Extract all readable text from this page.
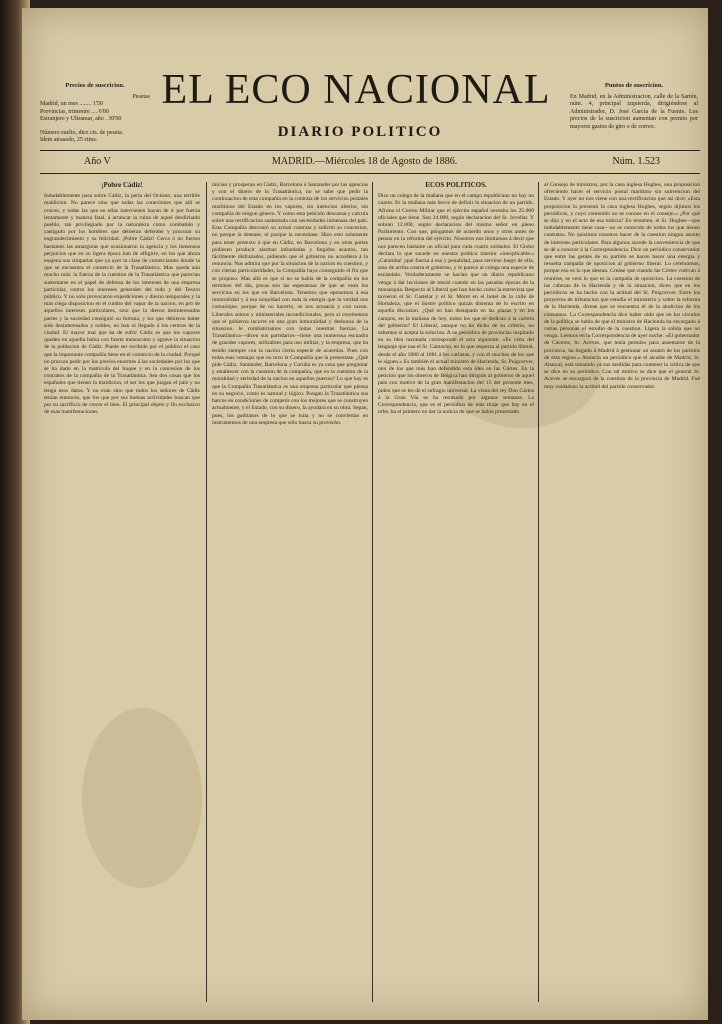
Precios de suscricion.
Pesetas
Madrid, un mes ........ 1'50
Provincias, trimestre .... 6'00
Estranjero y Ultramar, año . 30'00
Número suelto, diez cts. de peseta.
Idem atrasado, 25 ctms.
EL ECO NACIONAL
DIARIO POLITICO
Puntos de suscricion.
En Madrid, en la Administracion, calle de la Sartén, núm. 4, principal izquierda, dirigiéndose al Administrador, D. José García de la Fuente. Los precios de la suscricion aumentan con premio por mayores gastos de giro o de correo.
Año V	MADRID.—Miércoles 18 de Agosto de 1886.	Núm. 1.523
¡Pobre Cádiz!
Indudablemente pasa sobre Cádiz, la perla del Océano, una terrible maldicion. No parece sino que todas las conexiones que allí se crucen, y todas las que en ellas intervienen hayan de ir por fuerza lentamente y manera fatal, á arrancar la ruina de aquel desdichado pueblo, tan privilegiado por la naturaleza como combatido y castigado por los hombres que debieran defender y procurar su engrandecimiento y su felicidad. ¡Pobre Cádiz! Cerca ó no fueron bastantes las amarguras que ocasionaron la agencia y los inmensos perjuicios que en su ligera época han de afligirle, en los que ahora enajena sus simpatías que ya ayer la clase de comerciantes donde la que se encuentra el comercio de la Trasatlántica. Mas queda aún mucho más: la fuerza de la cuestion de la Trasatlántica que parecían sustentarse en el papel de defensa de los intereses de una empresa particular, contra los intereses generales del todo y del Tesoro público. Y no solo provocaron expediciones y dieron temporales y la más ciega disposicion en el rumbo del vapor de la nacion, en pró de aquellos intereses particulares, sino que la dieron desinteresadas partes y la sociedad consiguió su fortuna, y los que debieron haber sido desinteresados y nobles, no han ni llegado á los centros de la ciudad. El mayor mal que ha de sufrir Cádiz es que los vapores queden en aquella bahía con fuerte menoscabo y agrave la situacion de la poblacion de Cádiz. Puede ser recibido por el público el caso que la importante compañía tiene en el comercio de la ciudad. Porqué no procura pedir por los precios enormes á las sociedades por los que se ha dado en la matrícula del buque y en la concesion de los contratos de la compañía de la Trasatlántica. Sea dos cosas que los españoles que tienen la maldicion, el ser los que juzgan el país y no tenga esos datos. Y no eran sino que todos los señores de Cádiz tenían entonces, que los que por sus buenas actividades buscan que por su sacrificio de crecer el bien. El principal objeto y fin exclusivo de esas manifestaciones.
inician y prosperan en Cádiz, Barcelona ó Santander por las agencias y con el dinero de la Trasatlántica, no se sabe que pedir la continuacion de esta compañía en la contrata de los servicios postales marítimos del Estado en los vapores, sin intencion ulterior, sin compañía de ningun género. Y como esta petición descansa y calcula sobre una rectificacion sustentada con necesidades inmensas del país. Esta Compañía descontó su actual contrata y solicitó su concesion, no porque la desease, ni porque la necesitase. Hizo esto solamente para tener pretexto á que en Cádiz, en Barcelona y en otras partes pudiesen producir alarmas infundadas y fingidos asuntos, tan fácilmente disfrazados, pidiendo que el gobierno no accediera á la renuncia. Nos admira que por la situacion de la nacion en cuestion, y con ciertas particularidades, la Compañía haya conseguido el fin que se propuso. Mas allá es que si no se habla de la compañía en los términos del día, pocas son las esperanzas de que se vean los servicios en los que en Barcelona. Tenemos que oponernos á esa inmoralidad y á esa iniquidad con toda la energía que la verdad nos comunique, porque de no hacerlo, se nos acusaría y con razon. Liberales somos y ministeriales incondicionales, pero si creyésemos que el gobierno incurre en una gran inmoralidad y deshonra de la situacion, le combatiríamos con todas nuestras fuerzas. La Trasatlántica—dicen sus partidarios—tiene una numerosa escuadra de grandes vapores, utilizables para uso militar, y la empresa, que ha tenido siempre con la nacion cierta especie de acuerdos. Pues con todas esas ventajas que no tuvo la Compañía que la presentase. ¿Qué pide Cádiz, Santander, Barcelona y Coruña es ya cosa que preguntar y establecer con la cuestion de la compañía, que en la cuestion de la moralidad y seriedad de la nacion en aquellos puertos? Lo que hay es que la Compañía Trasatlántica es una empresa particular que piensa en su negocio, como es natural y lógico. Pongan la Trasatlántica sus barcos en condiciones de competir con los mejores que se construyen actualmente, y el Estado, con su dinero, la ayudará en su obra. Sepan, pues, los gaditanos de lo que se trata y no se conviertan en instrumentos de una empresa que sólo busca su provecho.
ECOS POLITICOS.
Dice un colega de la mañana que en el campo republicano no hay un cuarto. Es la mañana más breve de definir la situacion de un partido. Afirma el Correo Militar que el ejército español necesita los 25.000 oficiales que tiene. Son 24.000, según declaracion del Sr. Jovellar. Y sobran 12.000, según declaracion del mismo señor en pleno Parlamento. Con que, póngamos de acuerdo unos y otros antes de pensar en la reforma del ejército. Nosotros nos limitamos á decir que nos parecen bastante un oficial para cada cuatro soldados. El Globo declara lo que sucede en nuestra política interior «inexplicable.» ¡Caramba! ¡qué fuerza á esa y penalidad, para servirse luego de ella, sino de arriba contra el gobierno, y le parece al colega una especie de escándalo. Verdaderamente se hacían que un diario republicano venga á dar lecciones de moral cuando en las pasadas épocas de la monarquía. Respecto al Liberal que han hecho como la entrevista que tuvieron el Sr. Castelar y el Sr. Moret en el hotel de la calle de Hortaleza, que el ilustre político quizás disienta de lo escrito en aquella discusion. ¿Qué no han destapado en las plazas y en los campos, en la mañana de hoy, todos los que se dedican á la carrera del gobierno? El Liberal, aunque no ha dicho de su criterio, no sabemos si acepta la solucion. A un periódico de provincias inspirado en su idea razonada corresponde el acta siguiente: «Es vista del lenguaje que usa el Sr. Camacho, en lo que respecta al partido liberal, desde el año 1880 al 1881 á los carlistas, y con él muchos de los que le siguen.» Es también el actual ministro de Hacienda, Sr. Puigcerver, uno de los que más han defendido esta idea en las Córtes. En la peticion que los obreros de Bélgica han dirigido al gobierno de aquel país con motivo de la gran manifestacion del 15 del presente mes, piden que se les dé el sufragio universal. La visita del rey Don Cárlos á la Gran Vía se ha retrasado por algunas semanas. La Correspondencia, que es el periódico de más tiraje que hay en el orbe, ha el primero en dar la noticia de que se había presentado
al Consejo de ministros, por la casa inglesa Hughes, una proposicion ofreciendo hacer el servicio postal marítimo sin subvencion del Estado. Y ayer no nos viene con una rectificacion que así dice: «Esta proposicion la presentó la casa inglesa Hughes, según dijimos los periódicos, y cuyo contenido no se conoce en el consejo.» ¿Por qué se dijo y en el acto de esa noticia? En resumen, el Sr. Hughes—que indudablemente tiene casa—no es conocido de todos los que tienen contratos. No quisimos nosotros hacer de la cuestion ningun asunto de intereses particulares. Para algunos sucede la conveniencia de que se dé a conocer á la Correspondencia. Dice un periódico conservador que entre las gentes de su partido se hacen hacer una energía y resuelta campaña de oposicion al gobierno liberal. Lo celebramos, porque eso es lo que desean. Creáse que cuando las Córtes vuelvan á reunirse, se verá lo que es la campaña de oposicion. La cuestion de las cabezas de la Hacienda y de la situacion, dicen que en los periódicos se ha hecho con la actitud del Sr. Puigcerver. Entre los proyectos de tributacion que estudia el ministerio y sobre la reforma de la Hacienda, dícese que se encuentra el de la abolicion de los consumos. La Correspondencia dice haber oido que en los círculos de la política se habla de que el ministro de Hacienda ha encargado á varias personas el estudio de la cuestion. Ligera la salida que no venga. Leemos en la Correspondencia de ayer noche: «El gobernador de Cáceres, Sr. Aceves, que tenía permiso para ausentarse de la provincia, ha llegado á Madrid á gestionar un asunto de los partidos de esta region.» Anuncia un periódico que el alcalde de Madrid, Sr. Abascal, está tomando ya sus medidas para contener la crítica de que se dice en su periódico. Con tal motivo se dice que el general Sr. Aceves se encargará de la cuestion de la provincia de Madrid. Fué muy cuidadoso la actitud del partido conservador.
